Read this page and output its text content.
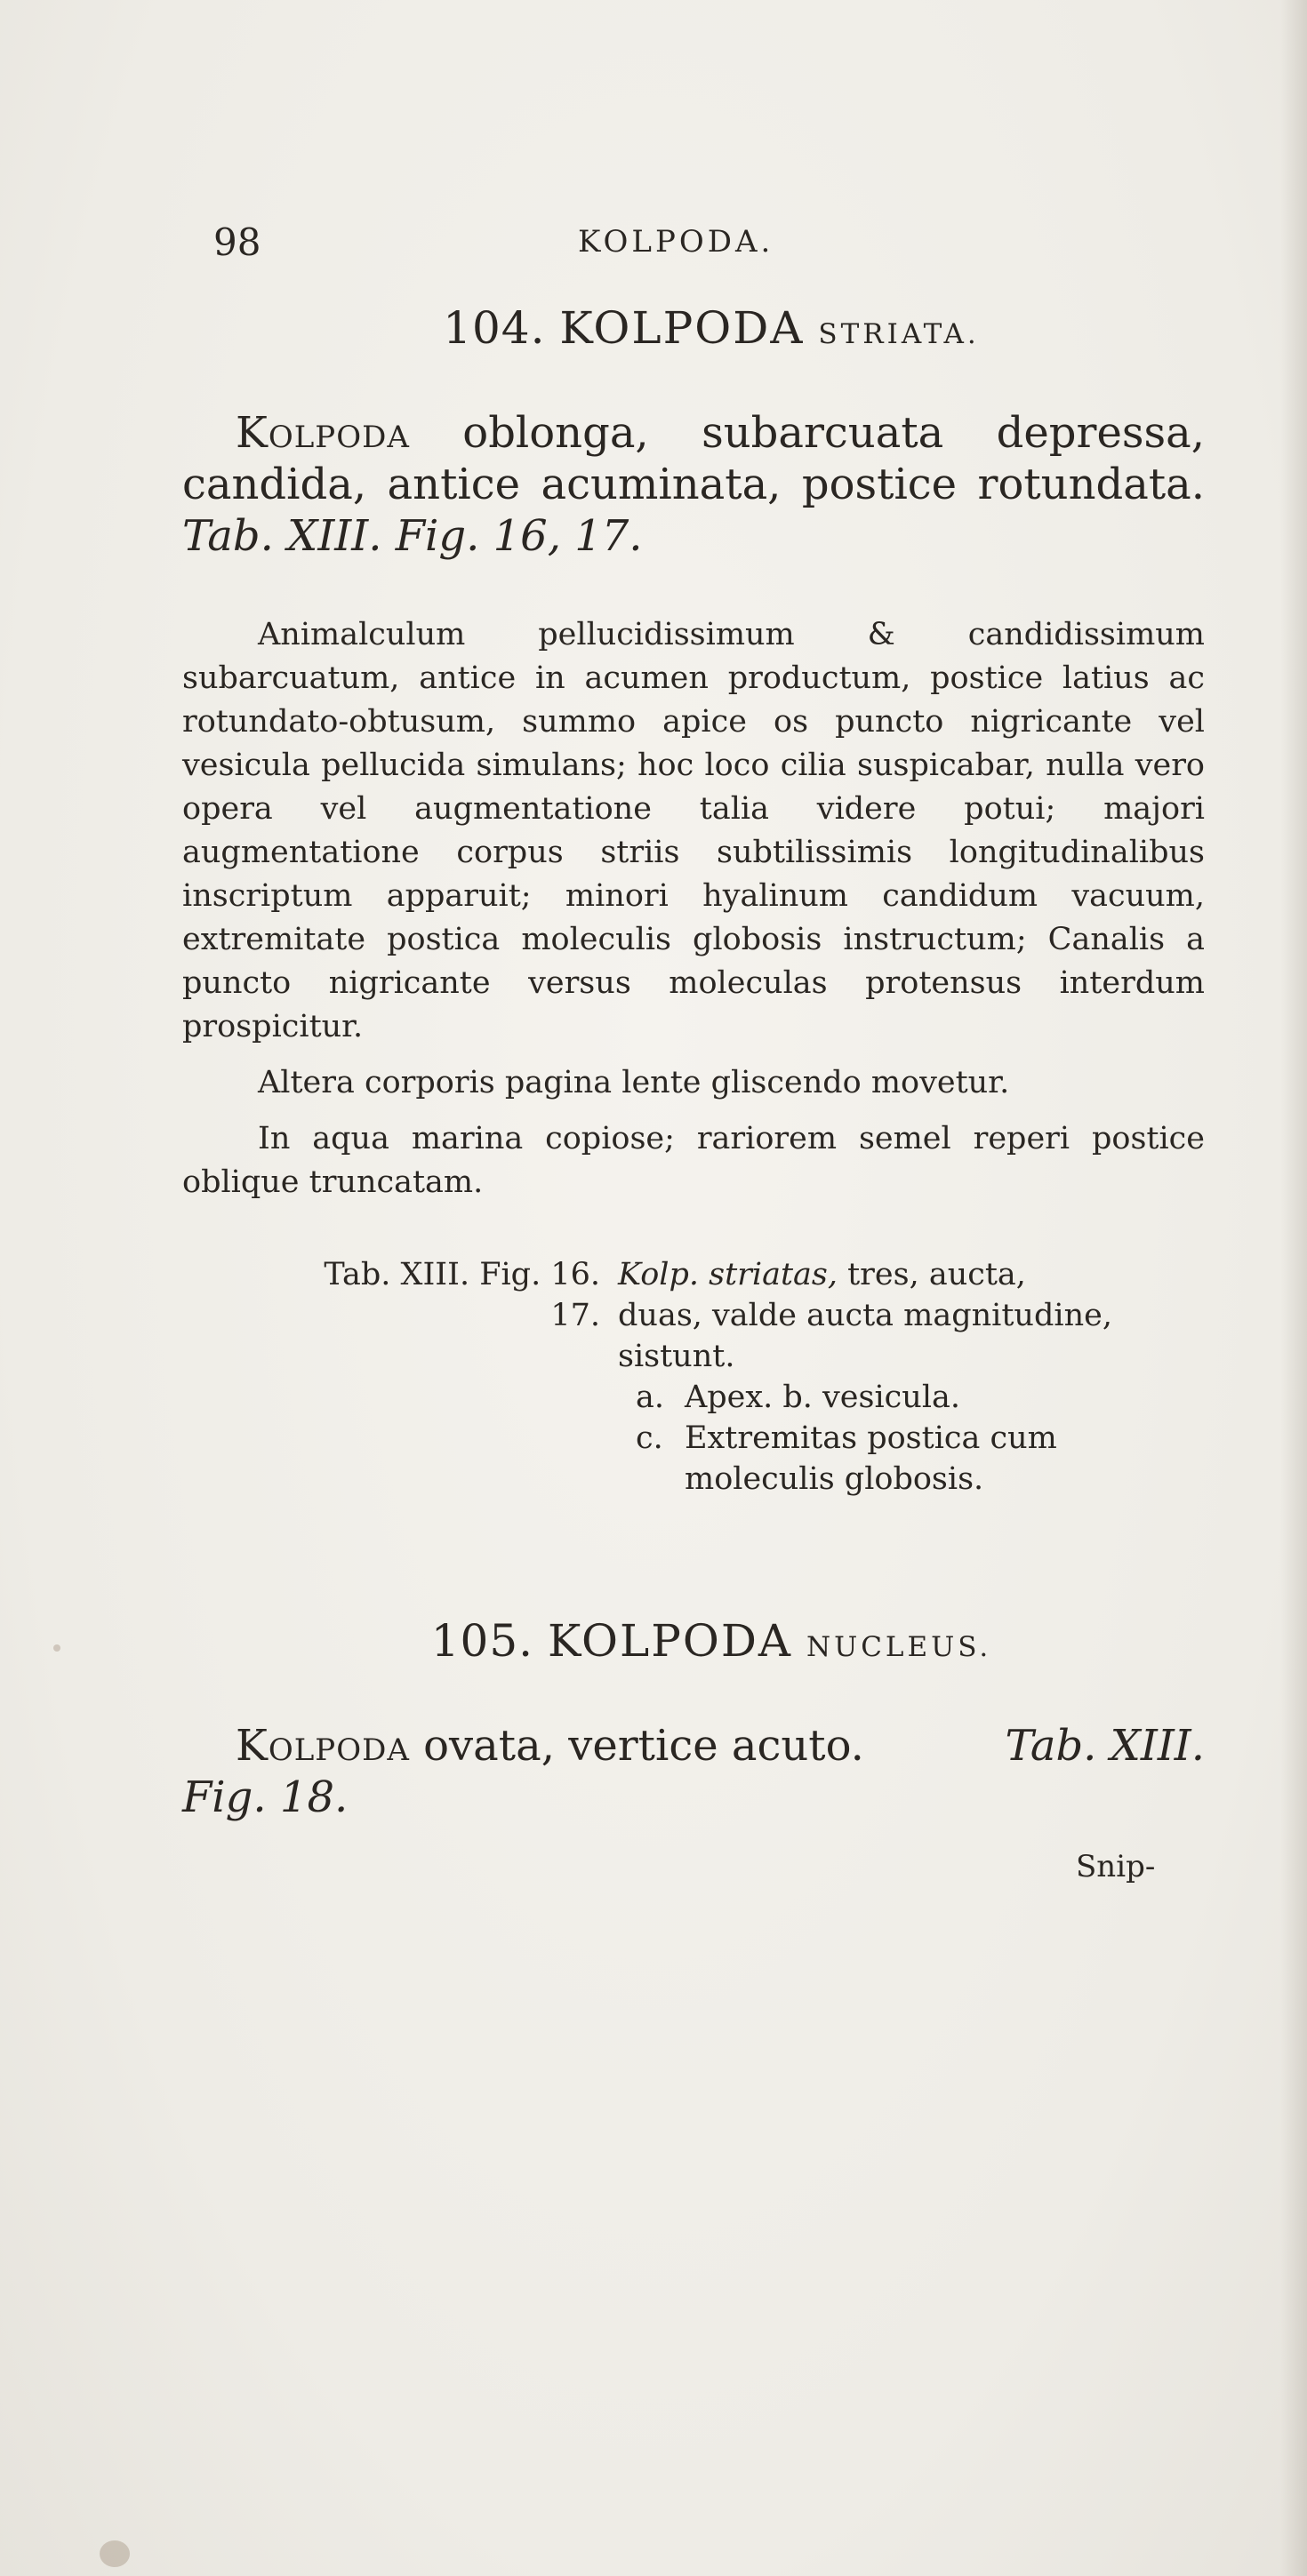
98	KOLPODA.
104. KOLPODA STRIATA.

Kolpoda oblonga, subarcuata depressa, candida, antice acuminata, postice rotundata. Tab. XIII. Fig. 16, 17.

Animalculum pellucidissimum & candidissimum subarcuatum, antice in acumen productum, postice latius ac rotundato-obtusum, summo apice os puncto nigricante vel vesicula pellucida simulans; hoc loco cilia suspicabar, nulla vero opera vel augmentatione talia videre potui; majori augmentatione corpus striis subtilissimis longitudinalibus inscriptum apparuit; minori hyalinum candidum vacuum, extremitate postica moleculis globosis instructum; Canalis a puncto nigricante versus moleculas protensus interdum prospicitur.

Altera corporis pagina lente gliscendo movetur.

In aqua marina copiose; rariorem semel reperi postice oblique truncatam.

Tab. XIII. Fig. 16. Kolp. striatas, tres, aucta,
17. duas, valde aucta magnitudine, sistunt.
a. Apex. b. vesicula.
c. Extremitas postica cum moleculis globosis.
105. KOLPODA NUCLEUS.

Kolpoda ovata, vertice acuto.	Tab. XIII.

Fig. 18.

Snip-
